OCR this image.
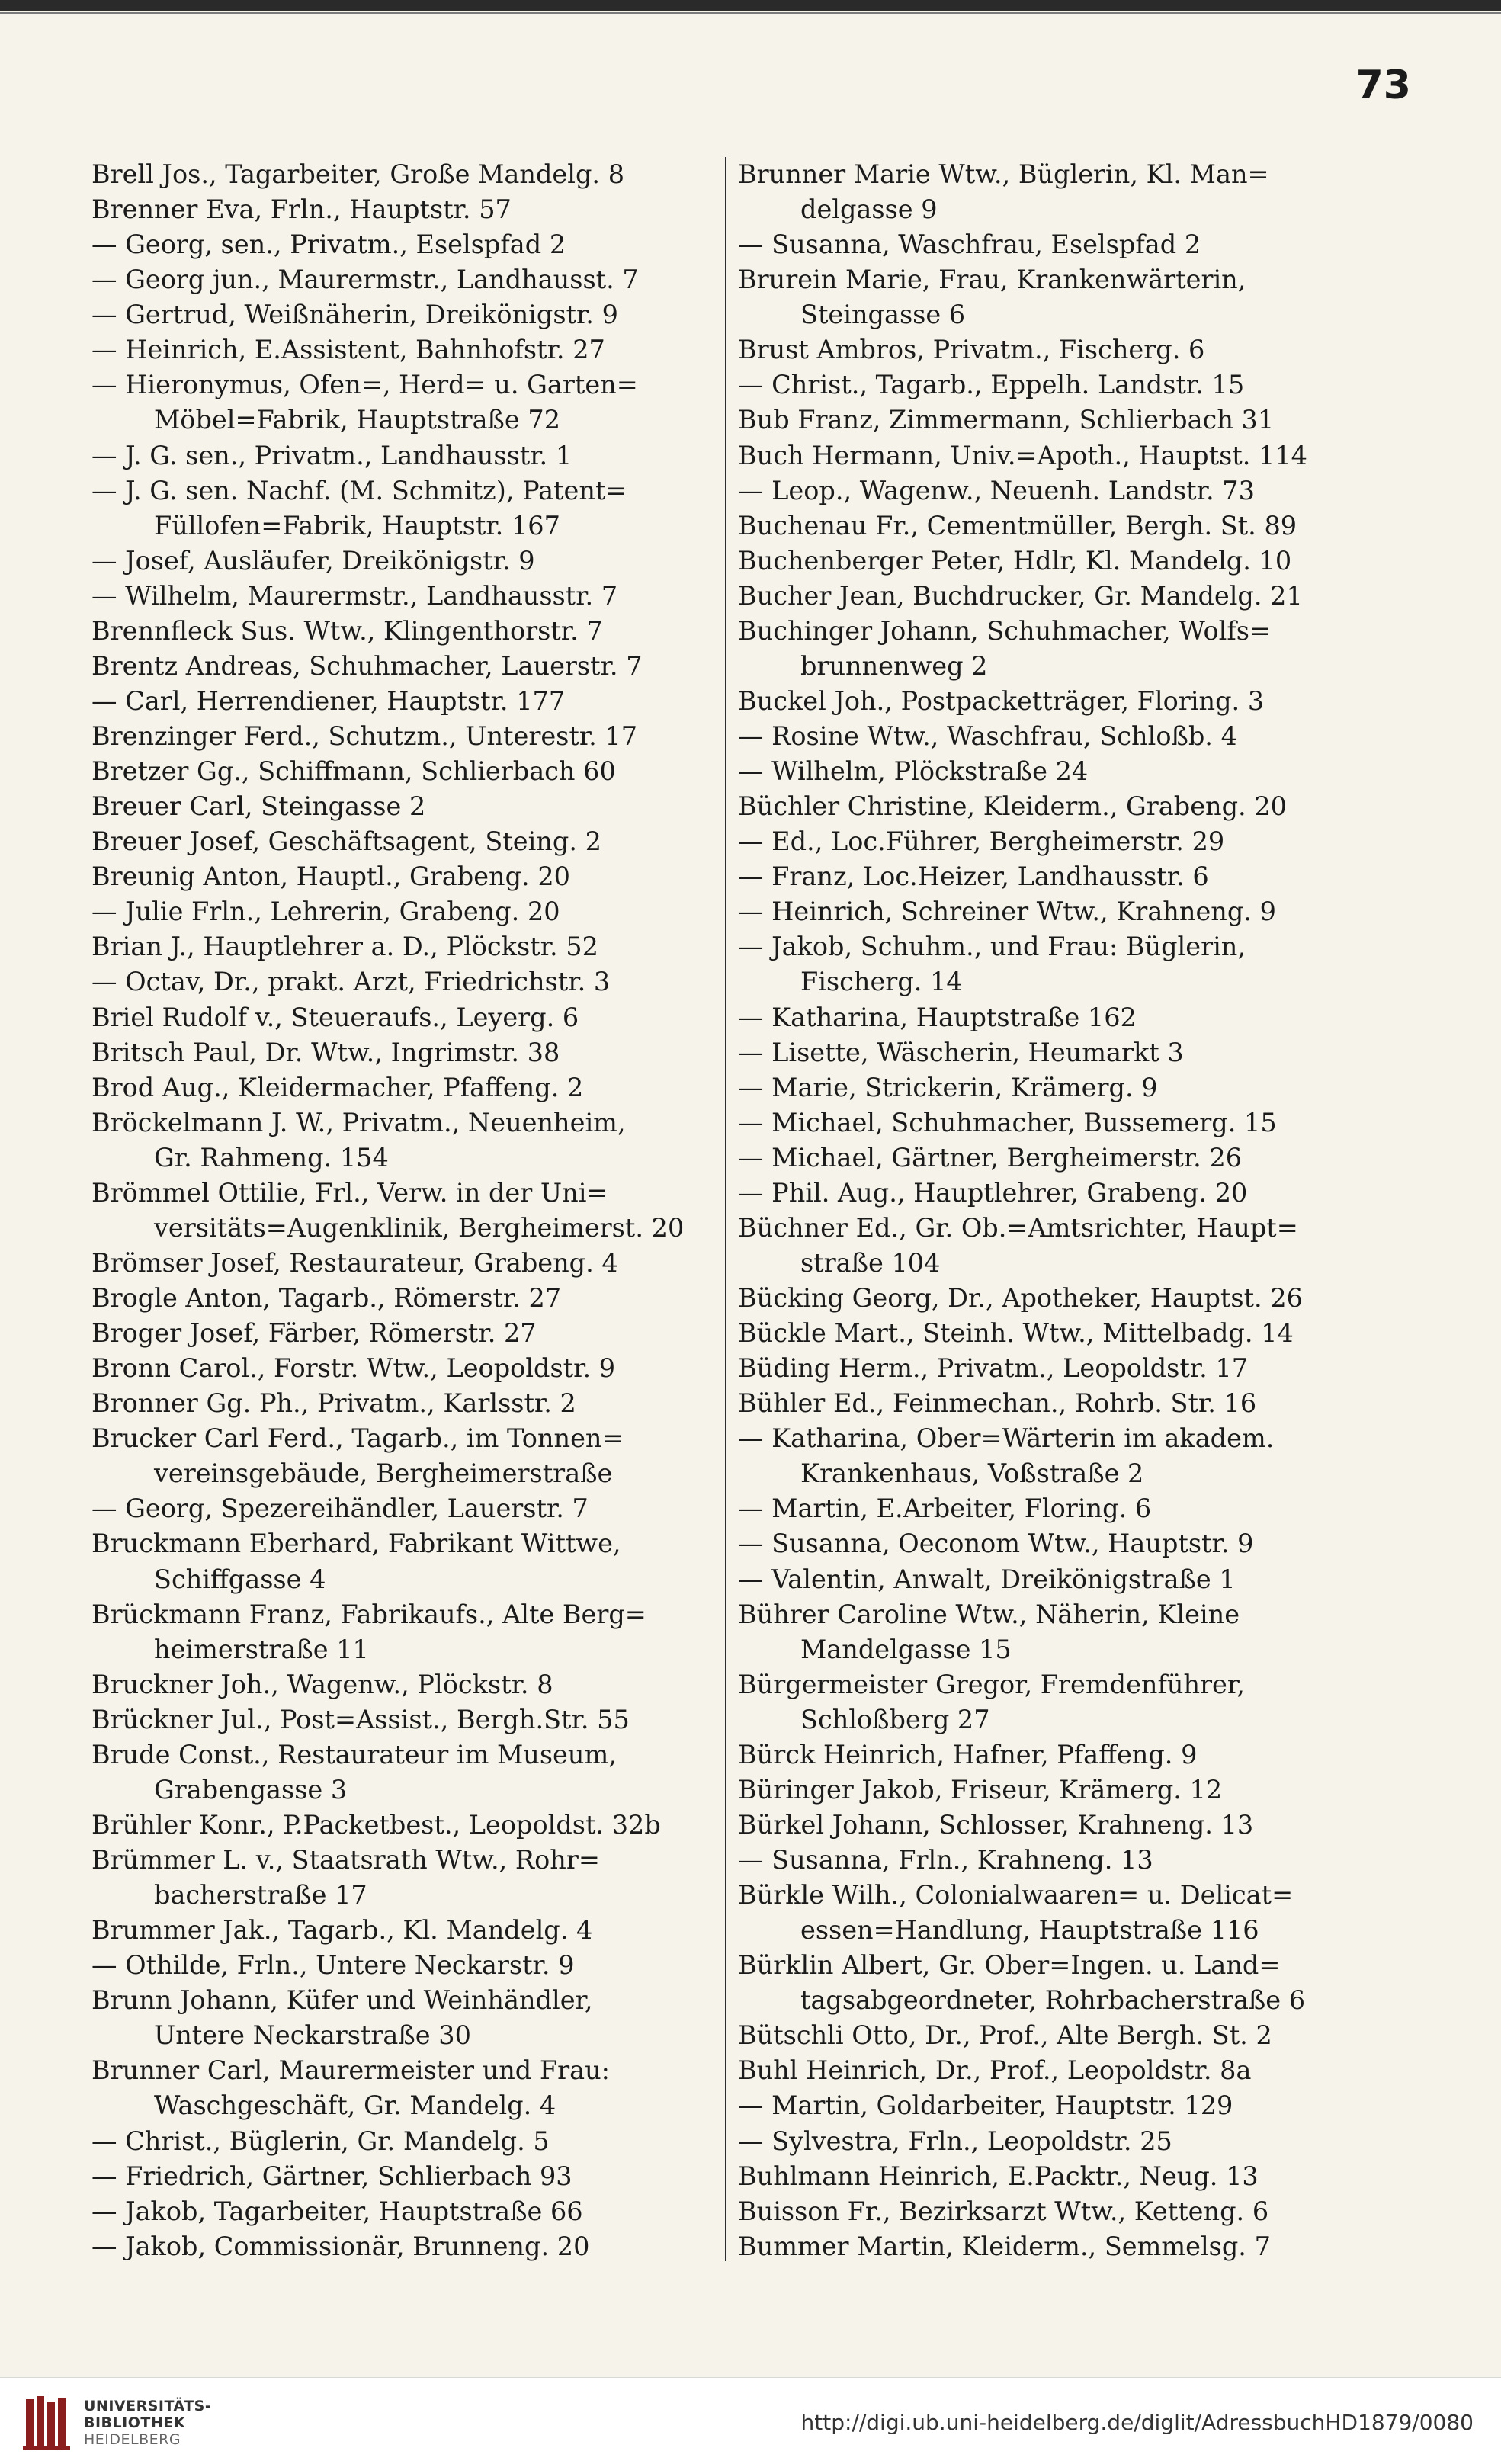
73
Brell Jos., Tagarbeiter, Große Mandelg. 8
Brenner Eva, Frln., Hauptstr. 57
— Georg, sen., Privatm., Eselspfad 2
— Georg jun., Maurermstr., Landhausst. 7
— Gertrud, Weißnäherin, Dreikönigstr. 9
— Heinrich, E.Assistent, Bahnhofstr. 27
— Hieronymus, Ofen=, Herd= u. Garten=
Möbel=Fabrik, Hauptstraße 72
— J. G. sen., Privatm., Landhausstr. 1
— J. G. sen. Nachf. (M. Schmitz), Patent=
Füllofen=Fabrik, Hauptstr. 167
— Josef, Ausläufer, Dreikönigstr. 9
— Wilhelm, Maurermstr., Landhausstr. 7
Brennfleck Sus. Wtw., Klingenthorstr. 7
Brentz Andreas, Schuhmacher, Lauerstr. 7
— Carl, Herrendiener, Hauptstr. 177
Brenzinger Ferd., Schutzm., Unterestr. 17
Bretzer Gg., Schiffmann, Schlierbach 60
Breuer Carl, Steingasse 2
Breuer Josef, Geschäftsagent, Steing. 2
Breunig Anton, Hauptl., Grabeng. 20
— Julie Frln., Lehrerin, Grabeng. 20
Brian J., Hauptlehrer a. D., Plöckstr. 52
— Octav, Dr., prakt. Arzt, Friedrichstr. 3
Briel Rudolf v., Steueraufs., Leyerg. 6
Britsch Paul, Dr. Wtw., Ingrimstr. 38
Brod Aug., Kleidermacher, Pfaffeng. 2
Bröckelmann J. W., Privatm., Neuenheim,
Gr. Rahmeng. 154
Brömmel Ottilie, Frl., Verw. in der Uni=
versitäts=Augenklinik, Bergheimerst. 20
Brömser Josef, Restaurateur, Grabeng. 4
Brogle Anton, Tagarb., Römerstr. 27
Broger Josef, Färber, Römerstr. 27
Bronn Carol., Forstr. Wtw., Leopoldstr. 9
Bronner Gg. Ph., Privatm., Karlsstr. 2
Brucker Carl Ferd., Tagarb., im Tonnen=
vereinsgebäude, Bergheimerstraße
— Georg, Spezereihändler, Lauerstr. 7
Bruckmann Eberhard, Fabrikant Wittwe,
Schiffgasse 4
Brückmann Franz, Fabrikaufs., Alte Berg=
heimerstraße 11
Bruckner Joh., Wagenw., Plöckstr. 8
Brückner Jul., Post=Assist., Bergh.Str. 55
Brude Const., Restaurateur im Museum,
Grabengasse 3
Brühler Konr., P.Packetbest., Leopoldst. 32b
Brümmer L. v., Staatsrath Wtw., Rohr=
bacherstraße 17
Brummer Jak., Tagarb., Kl. Mandelg. 4
— Othilde, Frln., Untere Neckarstr. 9
Brunn Johann, Küfer und Weinhändler,
Untere Neckarstraße 30
Brunner Carl, Maurermeister und Frau:
Waschgeschäft, Gr. Mandelg. 4
— Christ., Büglerin, Gr. Mandelg. 5
— Friedrich, Gärtner, Schlierbach 93
— Jakob, Tagarbeiter, Hauptstraße 66
— Jakob, Commissionär, Brunneng. 20
Brunner Marie Wtw., Büglerin, Kl. Man=
delgasse 9
— Susanna, Waschfrau, Eselspfad 2
Brurein Marie, Frau, Krankenwärterin,
Steingasse 6
Brust Ambros, Privatm., Fischerg. 6
— Christ., Tagarb., Eppelh. Landstr. 15
Bub Franz, Zimmermann, Schlierbach 31
Buch Hermann, Univ.=Apoth., Hauptst. 114
— Leop., Wagenw., Neuenh. Landstr. 73
Buchenau Fr., Cementmüller, Bergh. St. 89
Buchenberger Peter, Hdlr, Kl. Mandelg. 10
Bucher Jean, Buchdrucker, Gr. Mandelg. 21
Buchinger Johann, Schuhmacher, Wolfs=
brunnenweg 2
Buckel Joh., Postpacketträger, Floring. 3
— Rosine Wtw., Waschfrau, Schloßb. 4
— Wilhelm, Plöckstraße 24
Büchler Christine, Kleiderm., Grabeng. 20
— Ed., Loc.Führer, Bergheimerstr. 29
— Franz, Loc.Heizer, Landhausstr. 6
— Heinrich, Schreiner Wtw., Krahneng. 9
— Jakob, Schuhm., und Frau: Büglerin,
Fischerg. 14
— Katharina, Hauptstraße 162
— Lisette, Wäscherin, Heumarkt 3
— Marie, Strickerin, Krämerg. 9
— Michael, Schuhmacher, Bussemerg. 15
— Michael, Gärtner, Bergheimerstr. 26
— Phil. Aug., Hauptlehrer, Grabeng. 20
Büchner Ed., Gr. Ob.=Amtsrichter, Haupt=
straße 104
Bücking Georg, Dr., Apotheker, Hauptst. 26
Bückle Mart., Steinh. Wtw., Mittelbadg. 14
Büding Herm., Privatm., Leopoldstr. 17
Bühler Ed., Feinmechan., Rohrb. Str. 16
— Katharina, Ober=Wärterin im akadem.
Krankenhaus, Voßstraße 2
— Martin, E.Arbeiter, Floring. 6
— Susanna, Oeconom Wtw., Hauptstr. 9
— Valentin, Anwalt, Dreikönigstraße 1
Bührer Caroline Wtw., Näherin, Kleine
Mandelgasse 15
Bürgermeister Gregor, Fremdenführer,
Schloßberg 27
Bürck Heinrich, Hafner, Pfaffeng. 9
Büringer Jakob, Friseur, Krämerg. 12
Bürkel Johann, Schlosser, Krahneng. 13
— Susanna, Frln., Krahneng. 13
Bürkle Wilh., Colonialwaaren= u. Delicat=
essen=Handlung, Hauptstraße 116
Bürklin Albert, Gr. Ober=Ingen. u. Land=
tagsabgeordneter, Rohrbacherstraße 6
Bütschli Otto, Dr., Prof., Alte Bergh. St. 2
Buhl Heinrich, Dr., Prof., Leopoldstr. 8a
— Martin, Goldarbeiter, Hauptstr. 129
— Sylvestra, Frln., Leopoldstr. 25
Buhlmann Heinrich, E.Packtr., Neug. 13
Buisson Fr., Bezirksarzt Wtw., Ketteng. 6
Bummer Martin, Kleiderm., Semmelsg. 7
UNIVERSITÄTS-
BIBLIOTHEK
HEIDELBERG
http://digi.ub.uni-heidelberg.de/diglit/AdressbuchHD1879/0080
